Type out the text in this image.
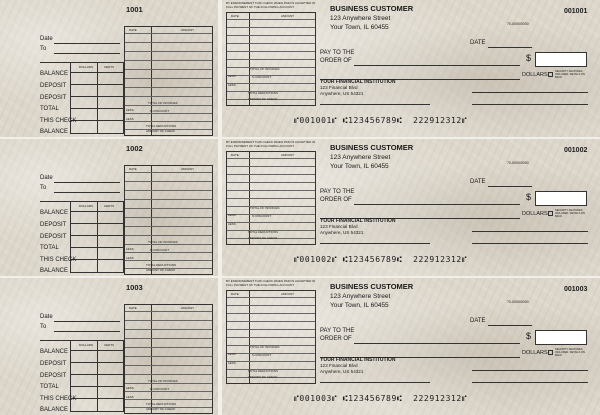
1001
Date
To
DOLLARS	CENTS
BALANCE
DEPOSIT
DEPOSIT
TOTAL
THIS CHECK
BALANCE
DATE	AMOUNT
TOTAL OF INVOICES
LESS	% DISCOUNT
LESS
TOTAL DEDUCTIONS
AMOUNT OF CHECK
BY ENDORSEMENT THIS CHECK WHEN PAID IS ACCEPTED IN FULL PAYMENT OF THE FOLLOWING ACCOUNT
DATE	AMOUNT
TOTAL OF INVOICES
LESS	% DISCOUNT
LESS
TOTAL DEDUCTIONS
AMOUNT OF CHECK
BUSINESS CUSTOMER
123 Anywhere Street
Your Town, IL 60455
001001
70-0000/0000
DATE
PAY TO THE
ORDER OF	$
DOLLARS
SECURITY FEATURES INCLUDED. DETAILS ON BACK.
YOUR FINANCIAL INSTITUTION
123 Financial Blvd
Anywhere, US 54321
⑈001001⑈ ⑆123456789⑆  222912312⑈
1002
Date
To
DOLLARS	CENTS
BALANCE
DEPOSIT
DEPOSIT
TOTAL
THIS CHECK
BALANCE
DATE	AMOUNT
TOTAL OF INVOICES
LESS	% DISCOUNT
LESS
TOTAL DEDUCTIONS
AMOUNT OF CHECK
BY ENDORSEMENT THIS CHECK WHEN PAID IS ACCEPTED IN FULL PAYMENT OF THE FOLLOWING ACCOUNT
DATE	AMOUNT
TOTAL OF INVOICES
LESS	% DISCOUNT
LESS
TOTAL DEDUCTIONS
AMOUNT OF CHECK
BUSINESS CUSTOMER
123 Anywhere Street
Your Town, IL 60455
001002
70-0000/0000
DATE
PAY TO THE
ORDER OF	$
DOLLARS
SECURITY FEATURES INCLUDED. DETAILS ON BACK.
YOUR FINANCIAL INSTITUTION
123 Financial Blvd
Anywhere, US 54321
⑈001002⑈ ⑆123456789⑆  222912312⑈
1003
Date
To
DOLLARS	CENTS
BALANCE
DEPOSIT
DEPOSIT
TOTAL
THIS CHECK
BALANCE
DATE	AMOUNT
TOTAL OF INVOICES
LESS	% DISCOUNT
LESS
TOTAL DEDUCTIONS
AMOUNT OF CHECK
BY ENDORSEMENT THIS CHECK WHEN PAID IS ACCEPTED IN FULL PAYMENT OF THE FOLLOWING ACCOUNT
DATE	AMOUNT
TOTAL OF INVOICES
LESS	% DISCOUNT
LESS
TOTAL DEDUCTIONS
AMOUNT OF CHECK
BUSINESS CUSTOMER
123 Anywhere Street
Your Town, IL 60455
001003
70-0000/0000
DATE
PAY TO THE
ORDER OF	$
DOLLARS
SECURITY FEATURES INCLUDED. DETAILS ON BACK.
YOUR FINANCIAL INSTITUTION
123 Financial Blvd
Anywhere, US 54321
⑈001003⑈ ⑆123456789⑆  222912312⑈
